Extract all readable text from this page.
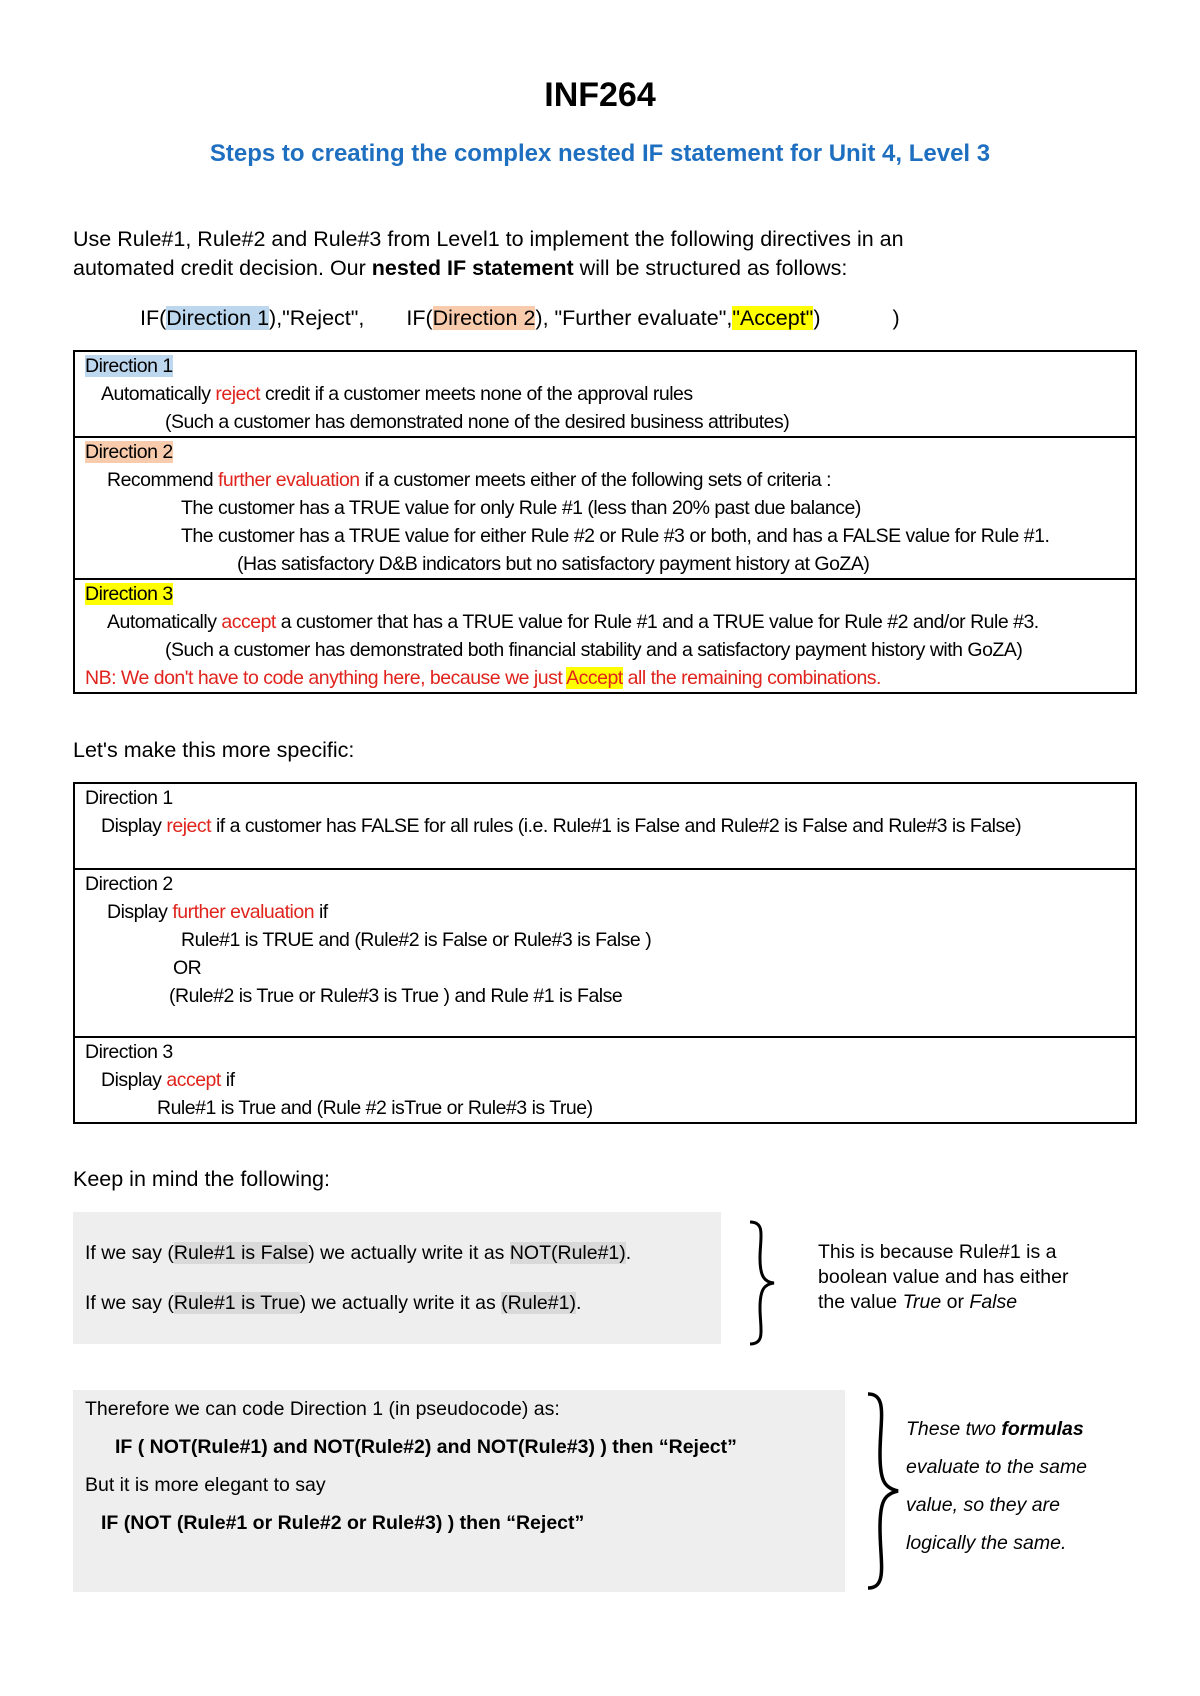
INF264
Steps to creating the complex nested IF statement for Unit 4, Level 3
Use Rule#1, Rule#2 and Rule#3 from Level1 to implement the following directives in an
automated credit decision. Our nested IF statement will be structured as follows:
IF(Direction 1),"Reject", IF(Direction 2), "Further evaluate","Accept")	)
Direction 1
Automatically reject credit if a customer meets none of the approval rules
(Such a customer has demonstrated none of the desired business attributes)

Direction 2
Recommend further evaluation if a customer meets either of the following sets of criteria :
The customer has a TRUE value for only Rule #1 (less than 20% past due balance)
The customer has a TRUE value for either Rule #2 or Rule #3 or both, and has a FALSE value for Rule #1.
(Has satisfactory D&B indicators but no satisfactory payment history at GoZA)

Direction 3
Automatically accept a customer that has a TRUE value for Rule #1 and a TRUE value for Rule #2 and/or Rule #3.
(Such a customer has demonstrated both financial stability and a satisfactory payment history with GoZA)
NB: We don't have to code anything here, because we just Accept all the remaining combinations.
Let's make this more specific:
Direction 1
Display reject if a customer has FALSE for all rules (i.e. Rule#1 is False and Rule#2 is False and Rule#3 is False)

Direction 2
Display further evaluation if
Rule#1 is TRUE and (Rule#2 is False or Rule#3 is False )
OR
(Rule#2 is True or Rule#3 is True ) and Rule #1 is False

Direction 3
Display accept if
Rule#1 is True and (Rule #2 isTrue or Rule#3 is True)
Keep in mind the following:
If we say (Rule#1 is False) we actually write it as NOT(Rule#1).
If we say (Rule#1 is True) we actually write it as (Rule#1).
This is because Rule#1 is a
boolean value and has either
the value True or False
Therefore we can code Direction 1 (in pseudocode) as:
IF ( NOT(Rule#1) and NOT(Rule#2) and NOT(Rule#3) ) then “Reject”
But it is more elegant to say
IF (NOT (Rule#1 or Rule#2 or Rule#3) ) then “Reject”
These two formulas
evaluate to the same
value, so they are
logically the same.
